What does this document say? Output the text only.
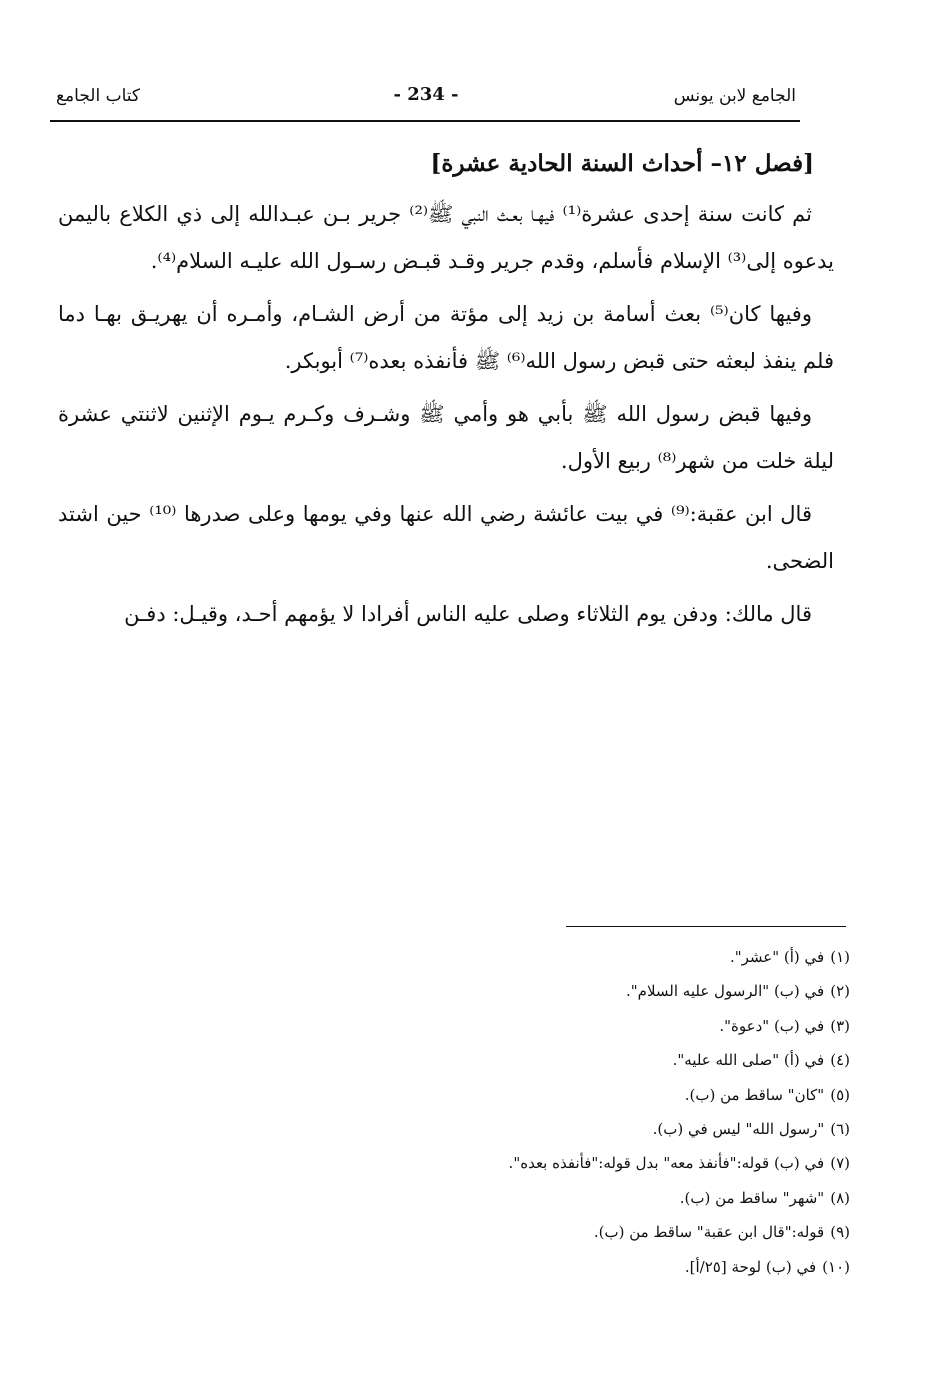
الجامع لابن يونس
- 234 -
كتاب الجامع
[فصل ١٢– أحداث السنة الحادية عشرة]

ثم كانت سنة إحدى عشرة⁽¹⁾ فيهـا بعـث النبي ﷺ⁽²⁾ جرير بـن عبـدالله إلى ذي الكلاع باليمن يدعوه إلى⁽³⁾ الإسلام فأسلم، وقدم جرير وقـد قبـض رسـول الله عليـه السلام⁽⁴⁾.

وفيها كان⁽⁵⁾ بعث أسامة بن زيد إلى مؤتة من أرض الشـام، وأمـره أن يهريـق بهـا دما فلم ينفذ لبعثه حتى قبض رسول الله⁽⁶⁾ ﷺ فأنفذه بعده⁽⁷⁾ أبوبكر.

وفيها قبض رسول الله ﷺ بأبي هو وأمي ﷺ وشـرف وكـرم يـوم الإثنين لاثنتي عشرة ليلة خلت من شهر⁽⁸⁾ ربيع الأول.

قال ابن عقبة:⁽⁹⁾ في بيت عائشة رضي الله عنها وفي يومها وعلى صدرها ⁽¹⁰⁾ حين اشتد الضحى.

قال مالك: ودفن يوم الثلاثاء وصلى عليه الناس أفرادا لا يؤمهم أحـد، وقيـل: دفـن

(١)في (أ) "عشر".
(٢)في (ب) "الرسول عليه السلام".
(٣)في (ب) "دعوة".
(٤)في (أ) "صلى الله عليه".
(٥)"كان" ساقط من (ب).
(٦)"رسول الله" ليس في (ب).
(٧)في (ب) قوله:"فأنفذ معه" بدل قوله:"فأنفذه بعده".
(٨)"شهر" ساقط من (ب).
(٩)قوله:"قال ابن عقبة" ساقط من (ب).
(١٠)في (ب) لوحة [٢٥/أ].
